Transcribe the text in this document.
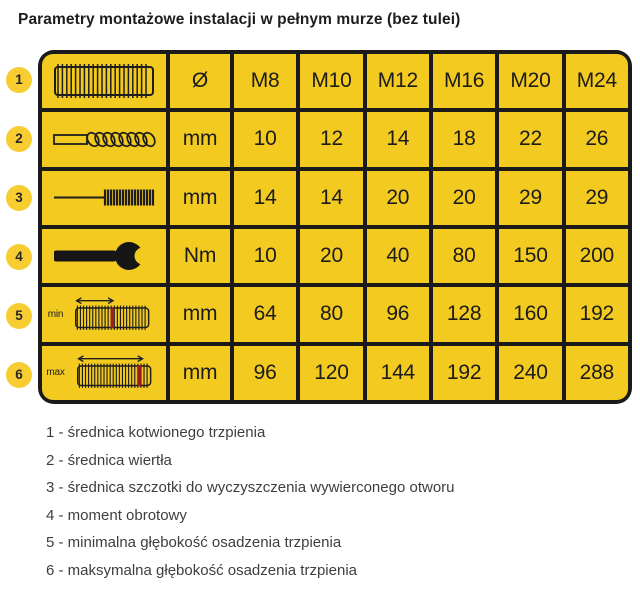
Parametry montażowe instalacji w pełnym murze (bez tulei)
1
2
3
4
5
6
Ø	M8	M10	M12	M16	M20	M24
mm	10	12	14	18	22	26
mm	14	14	20	20	29	29
Nm	10	20	40	80	150	200
min	mm	64	80	96	128	160	192
max	mm	96	120	144	192	240	288
1 - średnica kotwionego trzpienia
2 - średnica wiertła
3 - średnica szczotki do wyczyszczenia wywierconego otworu
4 - moment obrotowy
5 - minimalna głębokość osadzenia trzpienia
6 - maksymalna głębokość osadzenia trzpienia
